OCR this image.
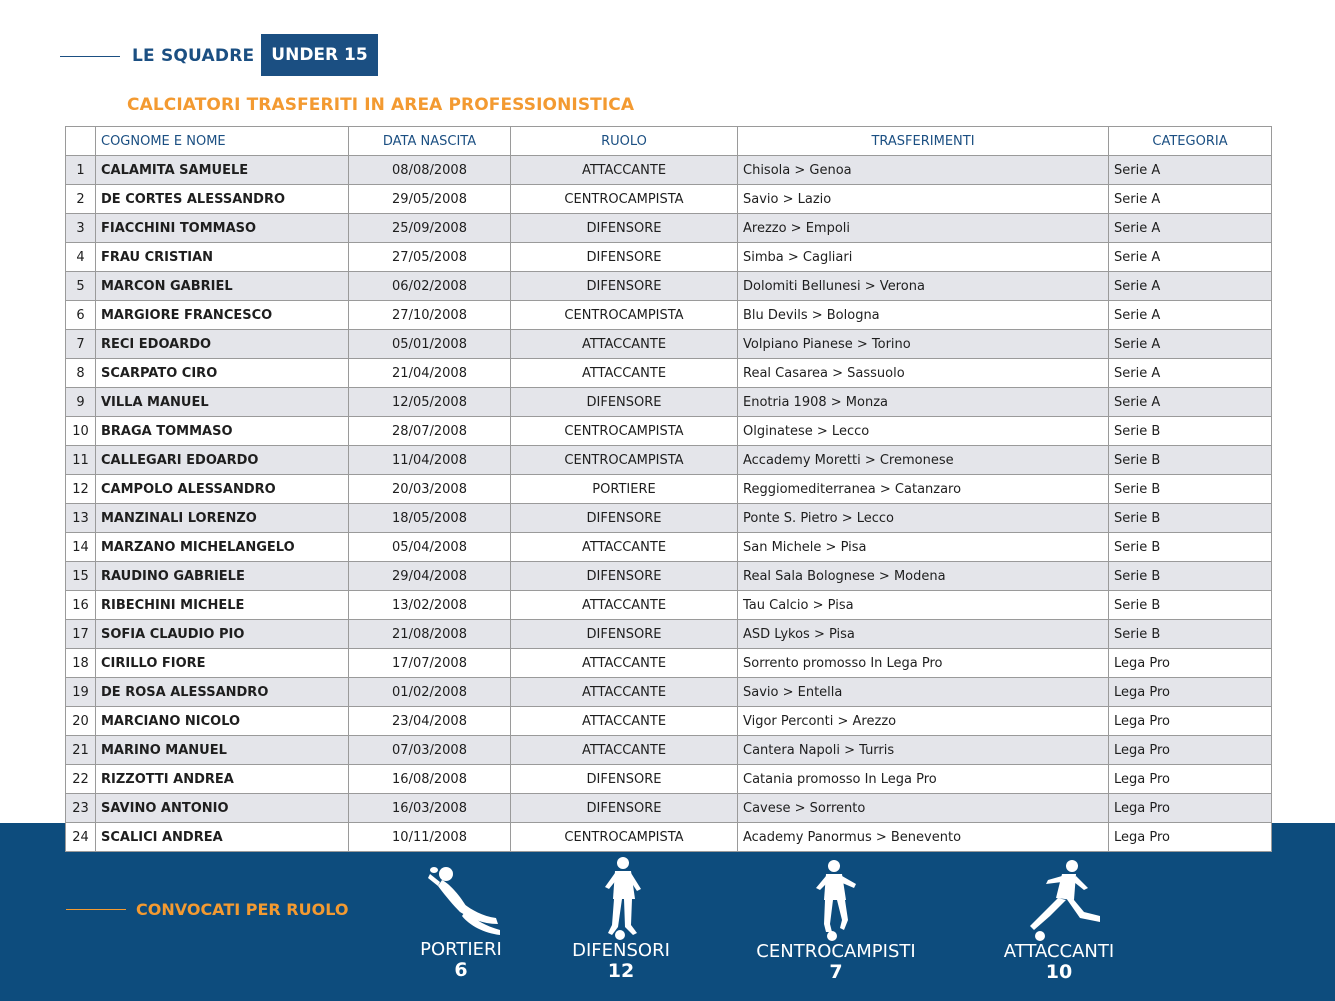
LE SQUADRE UNDER 15
CALCIATORI TRASFERITI IN AREA PROFESSIONISTICA
	COGNOME E NOME	DATA NASCITA	RUOLO	TRASFERIMENTI	CATEGORIA
1	CALAMITA SAMUELE	08/08/2008	ATTACCANTE	Chisola > Genoa	Serie A
2	DE CORTES ALESSANDRO	29/05/2008	CENTROCAMPISTA	Savio > Lazio	Serie A
3	FIACCHINI TOMMASO	25/09/2008	DIFENSORE	Arezzo > Empoli	Serie A
4	FRAU CRISTIAN	27/05/2008	DIFENSORE	Simba > Cagliari	Serie A
5	MARCON GABRIEL	06/02/2008	DIFENSORE	Dolomiti Bellunesi > Verona	Serie A
6	MARGIORE FRANCESCO	27/10/2008	CENTROCAMPISTA	Blu Devils > Bologna	Serie A
7	RECI EDOARDO	05/01/2008	ATTACCANTE	Volpiano Pianese > Torino	Serie A
8	SCARPATO CIRO	21/04/2008	ATTACCANTE	Real Casarea > Sassuolo	Serie A
9	VILLA MANUEL	12/05/2008	DIFENSORE	Enotria 1908 > Monza	Serie A
10	BRAGA TOMMASO	28/07/2008	CENTROCAMPISTA	Olginatese > Lecco	Serie B
11	CALLEGARI EDOARDO	11/04/2008	CENTROCAMPISTA	Accademy Moretti > Cremonese	Serie B
12	CAMPOLO ALESSANDRO	20/03/2008	PORTIERE	Reggiomediterranea > Catanzaro	Serie B
13	MANZINALI LORENZO	18/05/2008	DIFENSORE	Ponte S. Pietro > Lecco	Serie B
14	MARZANO MICHELANGELO	05/04/2008	ATTACCANTE	San Michele > Pisa	Serie B
15	RAUDINO GABRIELE	29/04/2008	DIFENSORE	Real Sala Bolognese > Modena	Serie B
16	RIBECHINI MICHELE	13/02/2008	ATTACCANTE	Tau Calcio > Pisa	Serie B
17	SOFIA CLAUDIO PIO	21/08/2008	DIFENSORE	ASD Lykos > Pisa	Serie B
18	CIRILLO FIORE	17/07/2008	ATTACCANTE	Sorrento promosso In Lega Pro	Lega Pro
19	DE ROSA ALESSANDRO	01/02/2008	ATTACCANTE	Savio > Entella	Lega Pro
20	MARCIANO NICOLO	23/04/2008	ATTACCANTE	Vigor Perconti > Arezzo	Lega Pro
21	MARINO MANUEL	07/03/2008	ATTACCANTE	Cantera Napoli > Turris	Lega Pro
22	RIZZOTTI ANDREA	16/08/2008	DIFENSORE	Catania promosso In Lega Pro	Lega Pro
23	SAVINO ANTONIO	16/03/2008	DIFENSORE	Cavese > Sorrento	Lega Pro
24	SCALICI ANDREA	10/11/2008	CENTROCAMPISTA	Academy Panormus > Benevento	Lega Pro
CONVOCATI PER RUOLO
PORTIERI
6
DIFENSORI
12
CENTROCAMPISTI
7
ATTACCANTI
10
